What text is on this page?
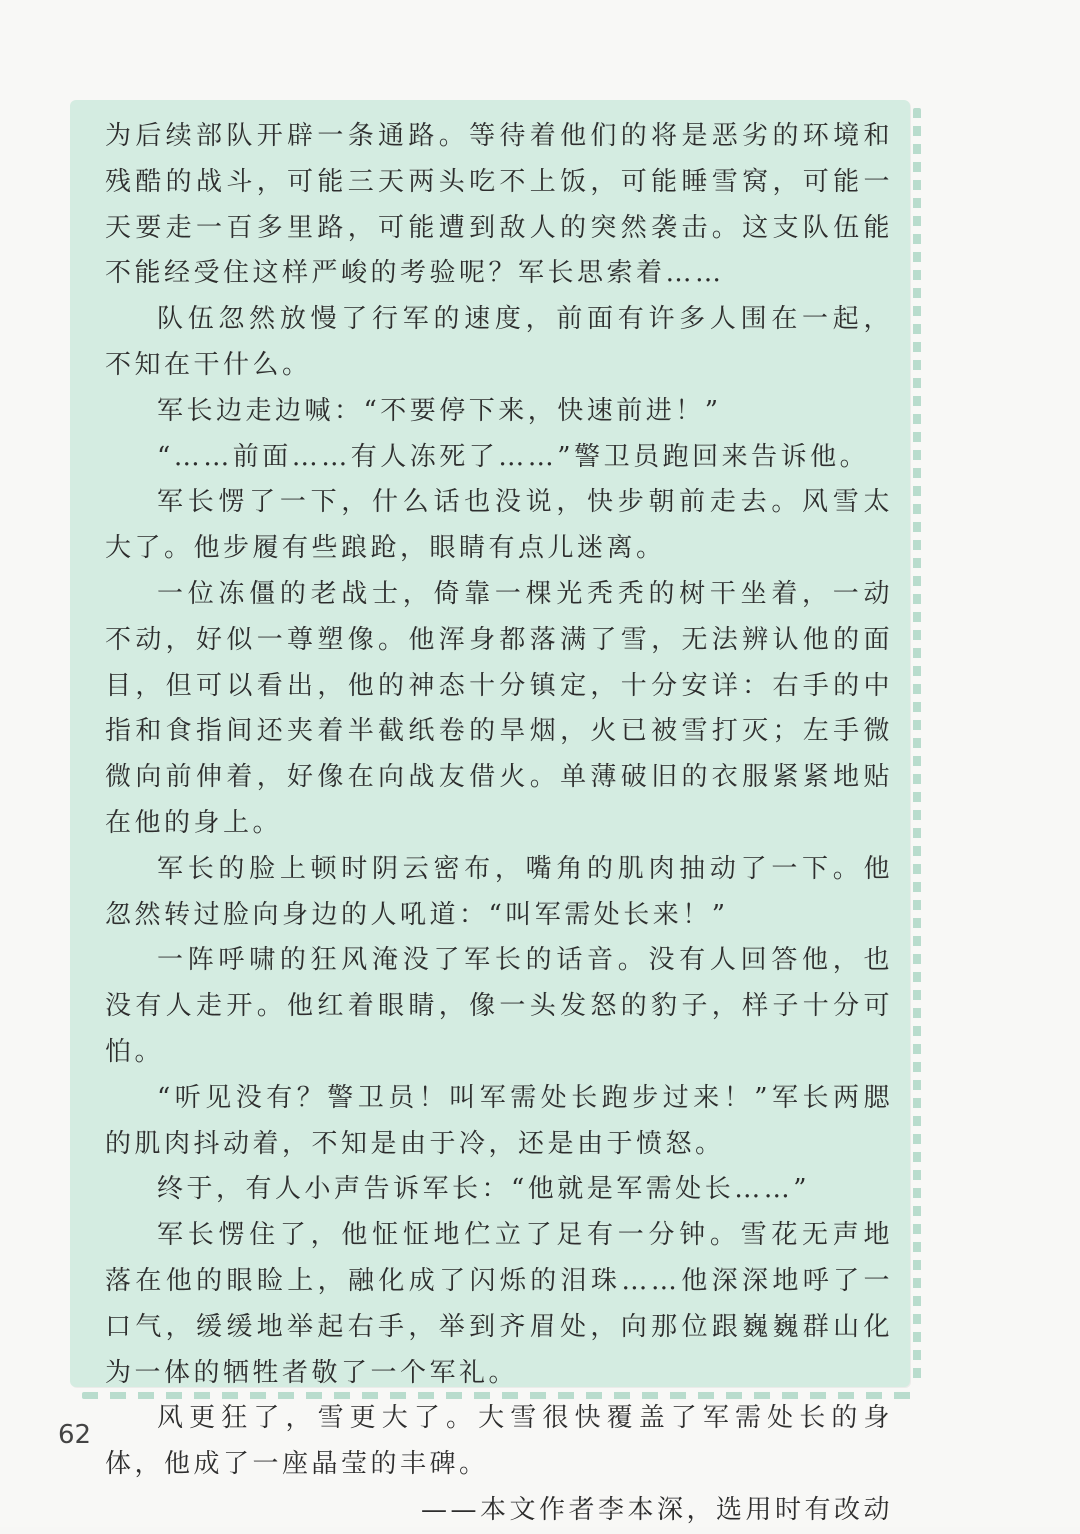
为后续部队开辟一条通路。等待着他们的将是恶劣的环境和残酷的战斗，可能三天两头吃不上饭，可能睡雪窝，可能一天要走一百多里路，可能遭到敌人的突然袭击。这支队伍能不能经受住这样严峻的考验呢？军长思索着……

队伍忽然放慢了行军的速度，前面有许多人围在一起，不知在干什么。

军长边走边喊：“不要停下来，快速前进！”

“……前面……有人冻死了……”警卫员跑回来告诉他。

军长愣了一下，什么话也没说，快步朝前走去。风雪太大了。他步履有些踉跄，眼睛有点儿迷离。

一位冻僵的老战士，倚靠一棵光秃秃的树干坐着，一动不动，好似一尊塑像。他浑身都落满了雪，无法辨认他的面目，但可以看出，他的神态十分镇定，十分安详：右手的中指和食指间还夹着半截纸卷的旱烟，火已被雪打灭；左手微微向前伸着，好像在向战友借火。单薄破旧的衣服紧紧地贴在他的身上。

军长的脸上顿时阴云密布，嘴角的肌肉抽动了一下。他忽然转过脸向身边的人吼道：“叫军需处长来！”

一阵呼啸的狂风淹没了军长的话音。没有人回答他，也没有人走开。他红着眼睛，像一头发怒的豹子，样子十分可怕。

“听见没有？警卫员！叫军需处长跑步过来！”军长两腮的肌肉抖动着，不知是由于冷，还是由于愤怒。

终于，有人小声告诉军长：“他就是军需处长……”

军长愣住了，他怔怔地伫立了足有一分钟。雪花无声地落在他的眼睑上，融化成了闪烁的泪珠……他深深地呼了一口气，缓缓地举起右手，举到齐眉处，向那位跟巍巍群山化为一体的牺牲者敬了一个军礼。

风更狂了，雪更大了。大雪很快覆盖了军需处长的身体，他成了一座晶莹的丰碑。

——本文作者李本深，选用时有改动

62
